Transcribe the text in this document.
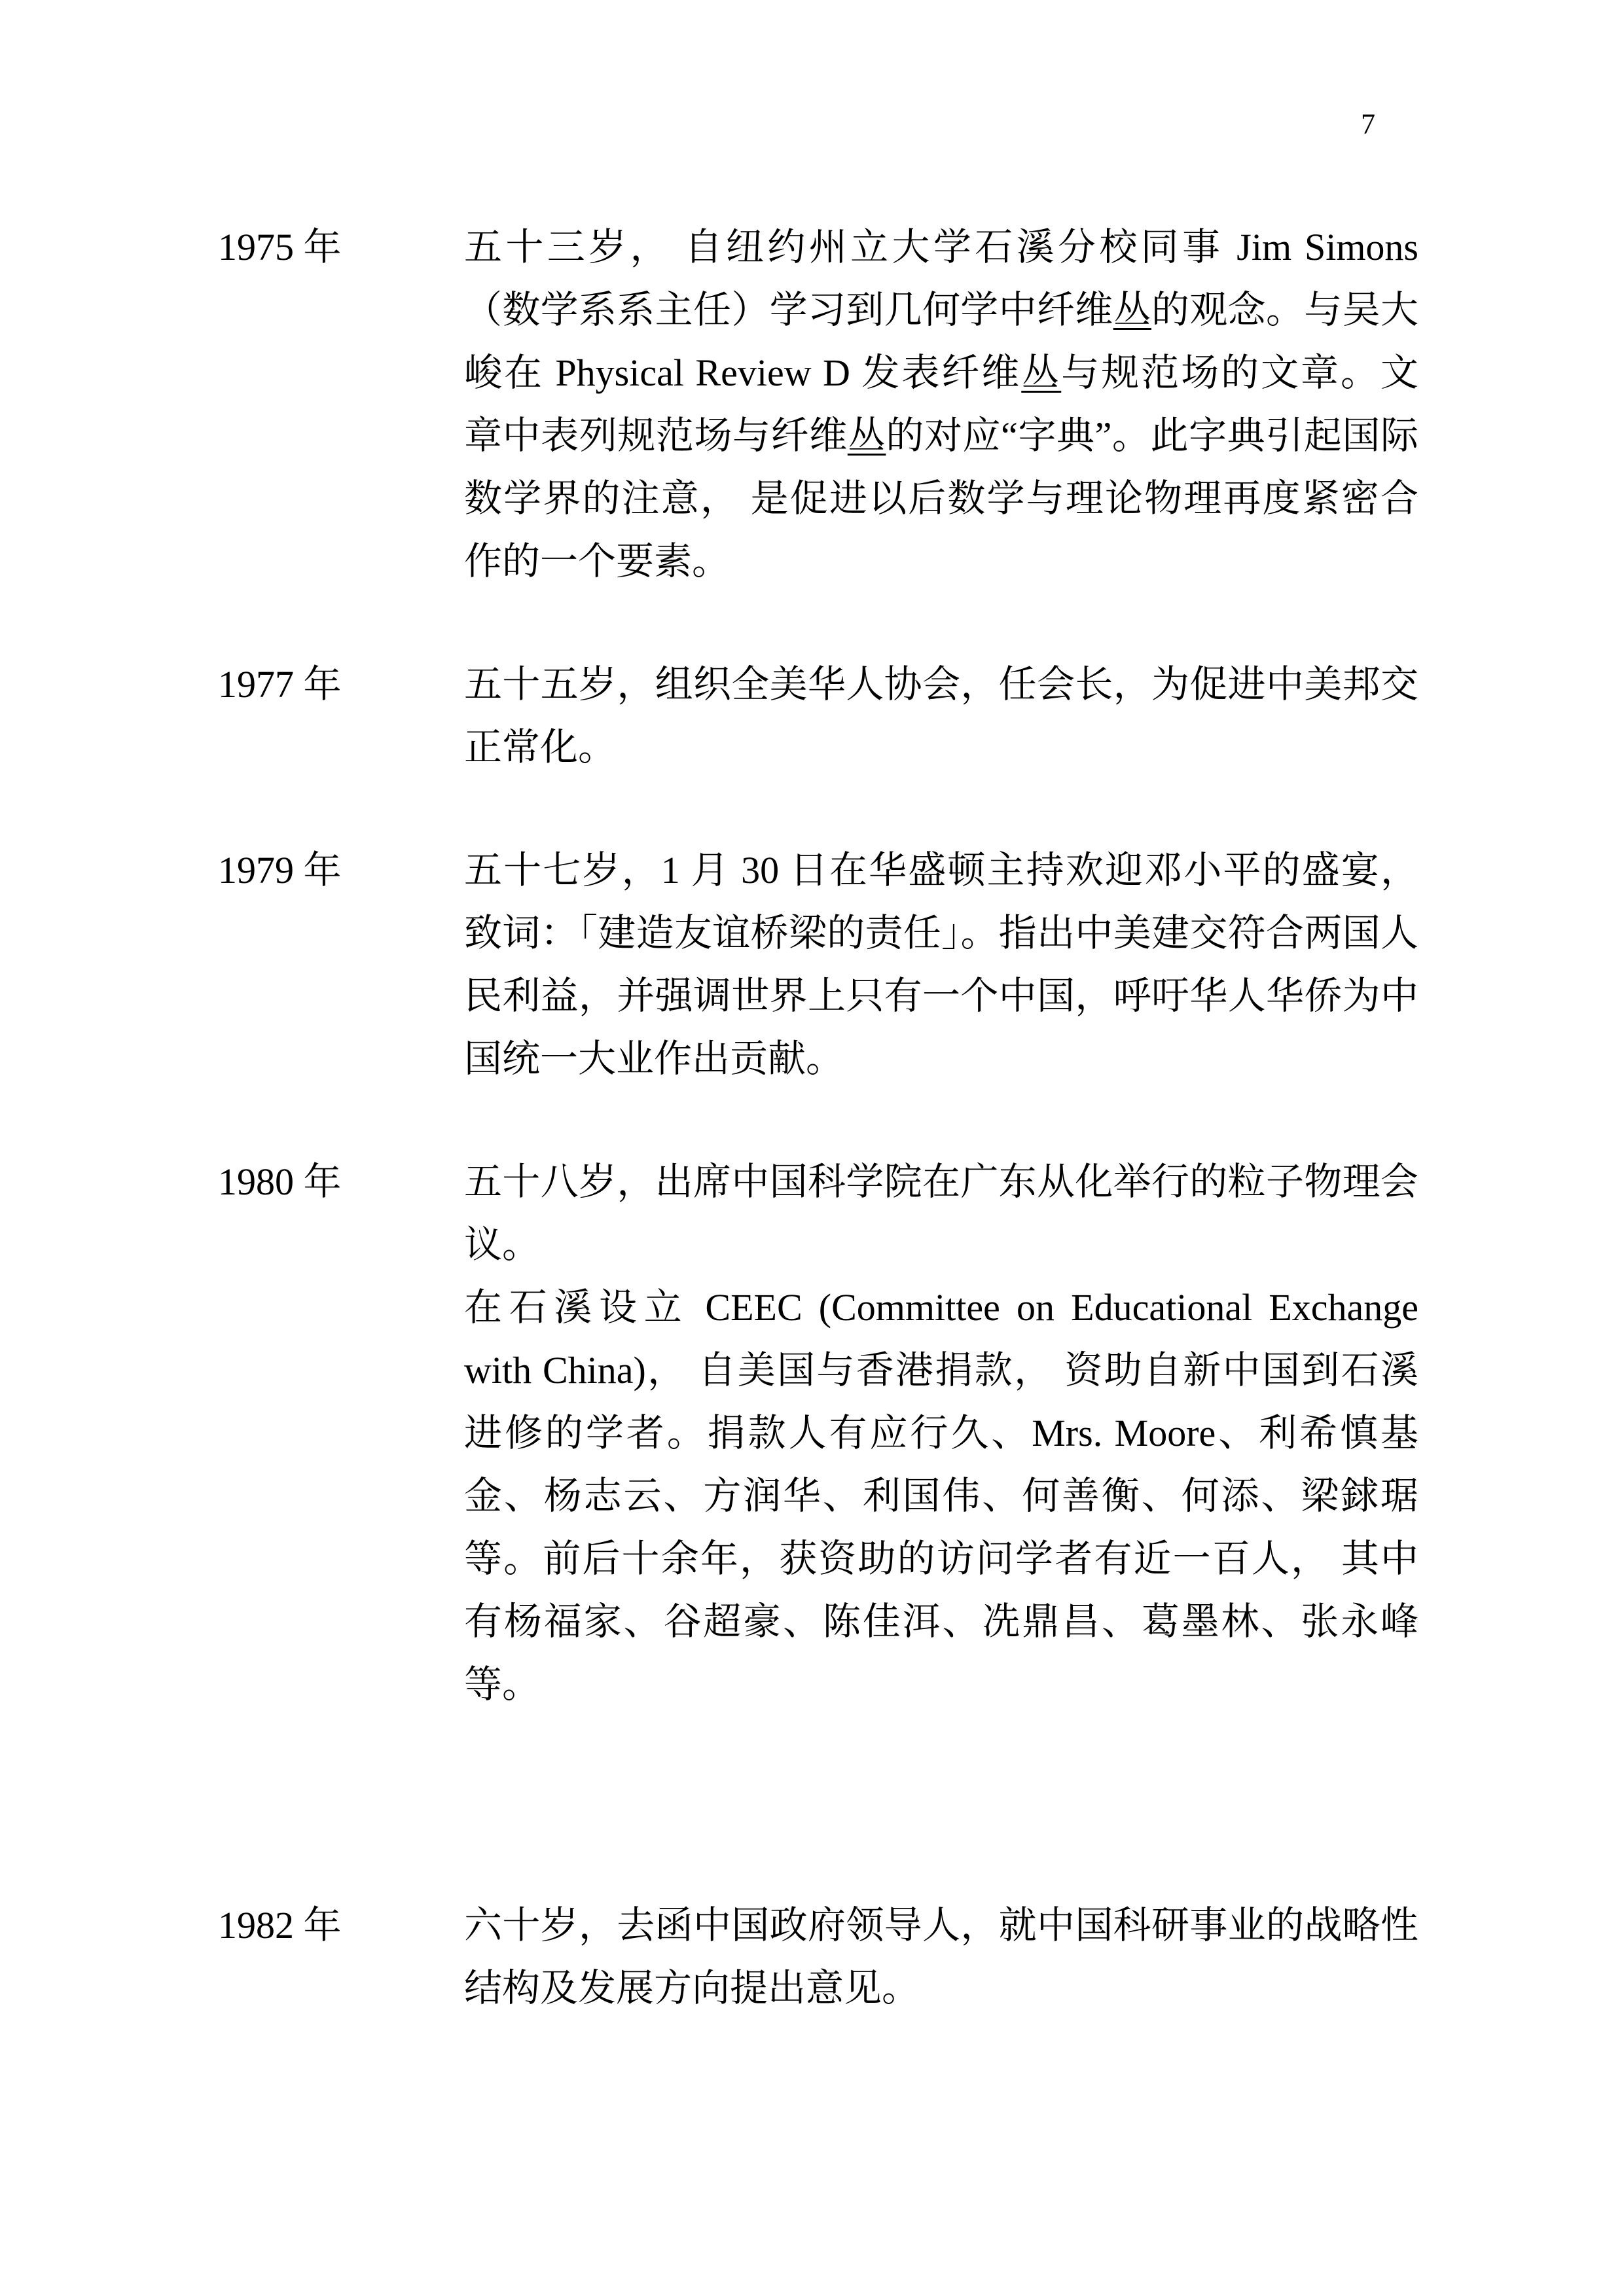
7
1975 年	五十三岁， 自纽约州立大学石溪分校同事 Jim Simons（数学系系主任）学习到几何学中纤维丛的观念。与吴大峻在 Physical Review D 发表纤维丛与规范场的文章。文章中表列规范场与纤维丛的对应“字典”。此字典引起国际数学界的注意， 是促进以后数学与理论物理再度紧密合作的一个要素。

1977 年	五十五岁，组织全美华人协会，任会长，为促进中美邦交正常化。

1979 年	五十七岁，1 月 30 日在华盛顿主持欢迎邓小平的盛宴，致词：「建造友谊桥梁的责任」。指出中美建交符合两国人民利益，并强调世界上只有一个中国，呼吁华人华侨为中国统一大业作出贡献。

1980 年	五十八岁，出席中国科学院在广东从化举行的粒子物理会议。

在石溪设立 CEEC (Committee on Educational Exchange with China)， 自美国与香港捐款， 资助自新中国到石溪进修的学者。捐款人有应行久、Mrs. Moore、利希慎基金、杨志云、方润华、利国伟、何善衡、何添、梁銶琚等。前后十余年，获资助的访问学者有近一百人， 其中有杨福家、谷超豪、陈佳洱、冼鼎昌、葛墨林、张永峰等。

1982 年	六十岁，去函中国政府领导人，就中国科研事业的战略性结构及发展方向提出意见。
